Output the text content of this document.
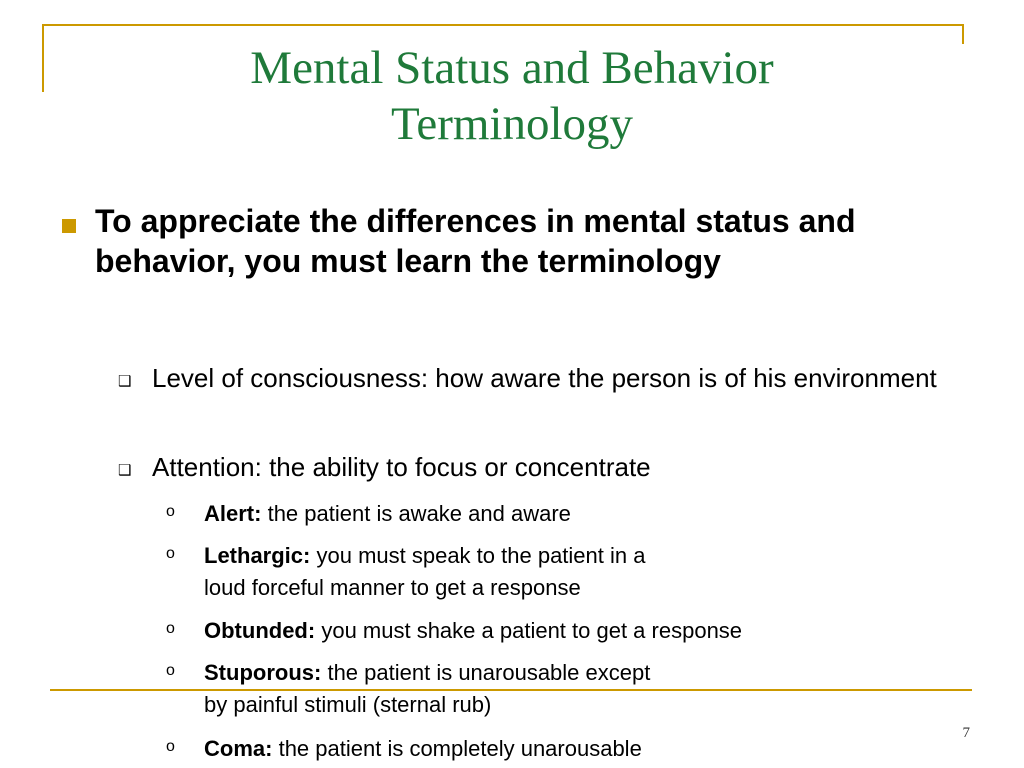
Mental Status and Behavior
Terminology
To appreciate the differences in mental status and behavior, you must learn the terminology
❑ Level of consciousness: how aware the person is of his environment
❑ Attention: the ability to focus or concentrate
o Alert: the patient is awake and aware
o Lethargic: you must speak to the patient in a
loud forceful manner to get a response
o Obtunded: you must shake a patient to get a response
o Stuporous: the patient is unarousable except
by painful stimuli (sternal rub)
o Coma: the patient is completely unarousable
7
